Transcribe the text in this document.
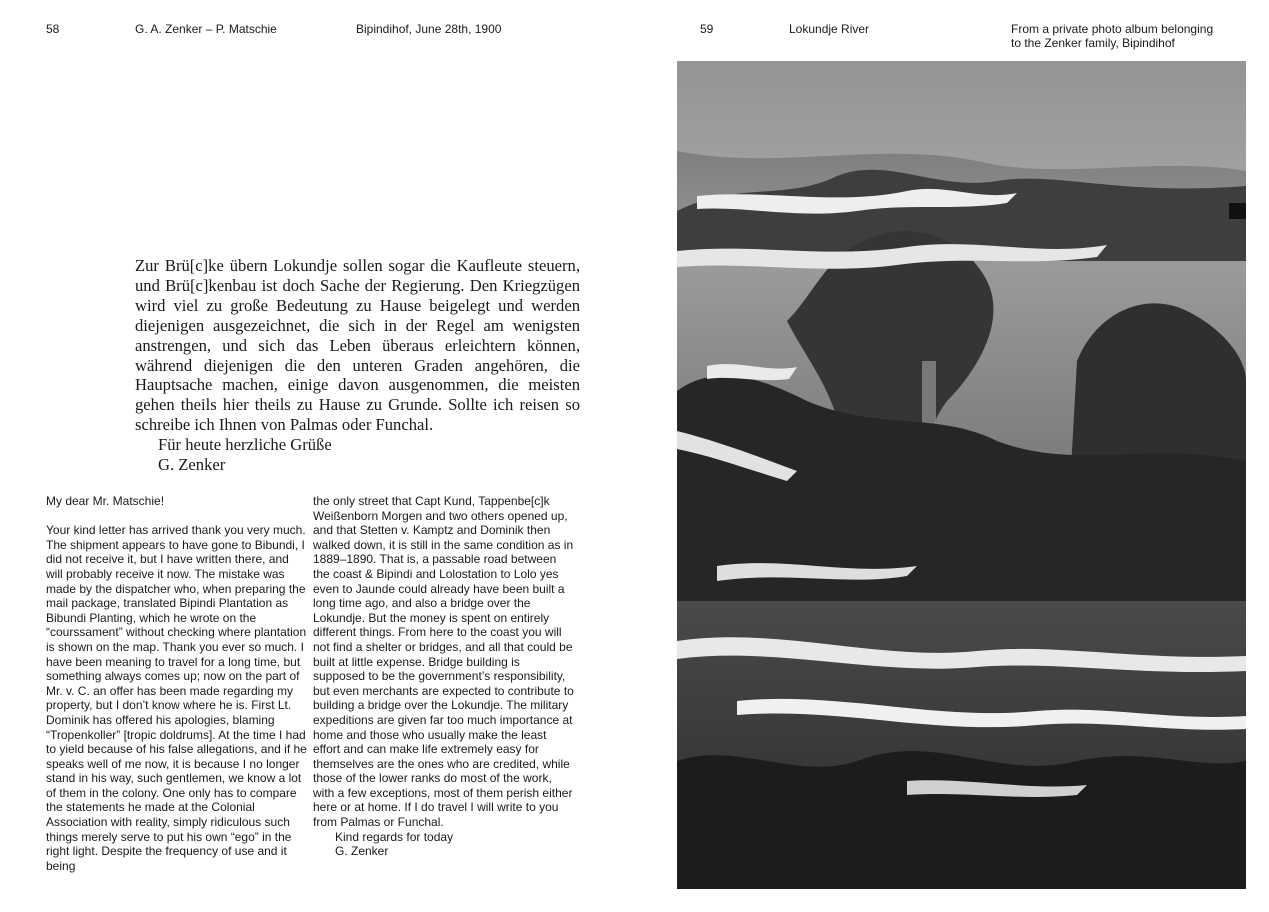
58	G. A. Zenker – P. Matschie	Bipindihof, June 28th, 1900	59	Lokundje River	From a private photo album belonging
to the Zenker family, Bipindihof

Zur Brü[c]ke übern Lokundje sollen sogar die Kaufleute steuern, und Brü[c]kenbau ist doch Sache der Regierung. Den Kriegzügen wird viel zu große Bedeutung zu Hause beigelegt und werden diejenigen ausgezeichnet, die sich in der Regel am wenigsten anstrengen, und sich das Leben überaus erleichtern können, während diejenigen die den unteren Graden angehören, die Hauptsache machen, einige davon ausgenommen, die meisten gehen theils hier theils zu Hause zu Grunde. Sollte ich reisen so schreibe ich Ihnen von Palmas oder Funchal.

Für heute herzliche Grüße

G. Zenker

My dear Mr. Matschie!

Your kind letter has arrived thank you very much. The shipment appears to have gone to Bibundi, I did not receive it, but I have written there, and will probably receive it now. The mistake was made by the dispatcher who, when preparing the mail package, translated Bipindi Plantation as Bibundi Planting, which he wrote on the “courssament” without checking where plantation is shown on the map. Thank you ever so much. I have been meaning to travel for a long time, but something always comes up; now on the part of Mr. v. C. an offer has been made regarding my property, but I don’t know where he is. First Lt. Dominik has offered his apologies, blaming “Tropenkoller” [tropic doldrums]. At the time I had to yield because of his false allegations, and if he speaks well of me now, it is because I no longer stand in his way, such gentlemen, we know a lot of them in the colony. One only has to compare the statements he made at the Colonial Association with reality, simply ridiculous such things merely serve to put his own “ego” in the right light. Despite the frequency of use and it being

the only street that Capt Kund, Tappenbe[c]k Weißenborn Morgen and two others opened up, and that Stetten v. Kamptz and Dominik then walked down, it is still in the same condition as in 1889–1890. That is, a passable road between the coast & Bipindi and Lolostation to Lolo yes even to Jaunde could already have been built a long time ago, and also a bridge over the Lokundje. But the money is spent on entirely different things. From here to the coast you will not find a shelter or bridges, and all that could be built at little expense. Bridge building is supposed to be the government’s responsibility, but even merchants are expected to contribute to building a bridge over the Lokundje. The military expeditions are given far too much importance at home and those who usually make the least effort and can make life extremely easy for themselves are the ones who are credited, while those of the lower ranks do most of the work, with a few exceptions, most of them perish either here or at home. If I do travel I will write to you from Palmas or Funchal.

Kind regards for today

G. Zenker
